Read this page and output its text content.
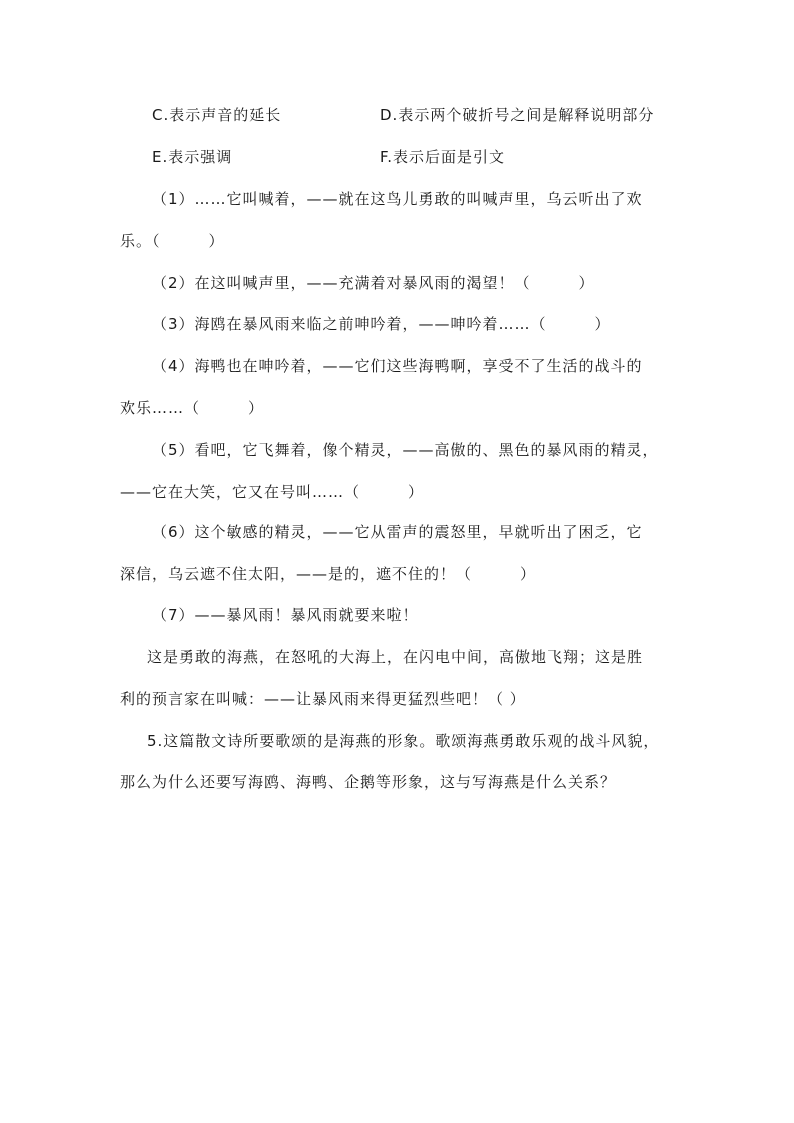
C.表示声音的延长	D.表示两个破折号之间是解释说明部分
E.表示强调	F.表示后面是引文
（1）……它叫喊着，——就在这鸟儿勇敢的叫喊声里，乌云听出了欢
乐。（　　　）
（2）在这叫喊声里，——充满着对暴风雨的渴望！（　　　）
（3）海鸥在暴风雨来临之前呻吟着，——呻吟着……（　　　）
（4）海鸭也在呻吟着，——它们这些海鸭啊，享受不了生活的战斗的
欢乐……（　　　）
（5）看吧，它飞舞着，像个精灵，——高傲的、黑色的暴风雨的精灵，
——它在大笑，它又在号叫……（　　　）
（6）这个敏感的精灵，——它从雷声的震怒里，早就听出了困乏，它
深信，乌云遮不住太阳，——是的，遮不住的！（　　　）
（7）——暴风雨！暴风雨就要来啦！
这是勇敢的海燕，在怒吼的大海上，在闪电中间，高傲地飞翔；这是胜
利的预言家在叫喊：——让暴风雨来得更猛烈些吧！（ ）
5.这篇散文诗所要歌颂的是海燕的形象。歌颂海燕勇敢乐观的战斗风貌，
那么为什么还要写海鸥、海鸭、企鹅等形象，这与写海燕是什么关系？
